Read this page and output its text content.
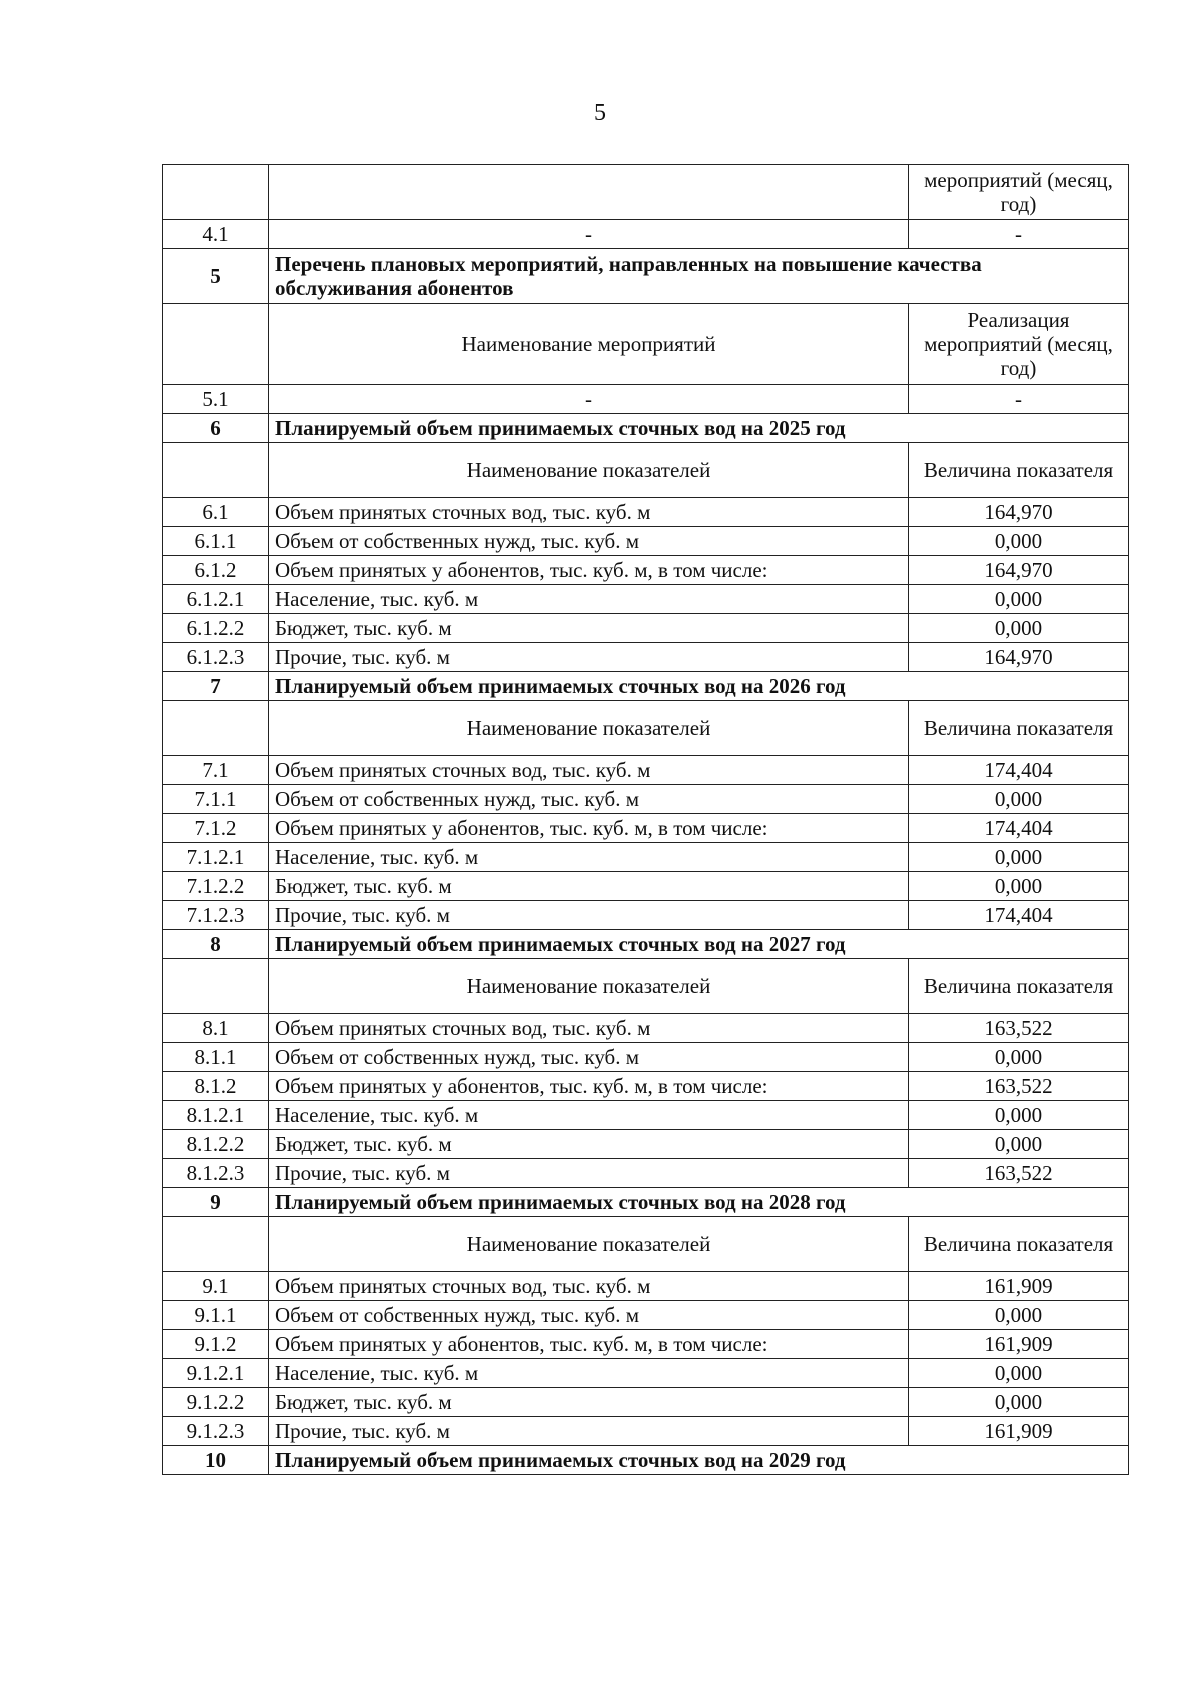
5
		мероприятий (месяц, год)
4.1	-	-
5	Перечень плановых мероприятий, направленных на повышение качества обслуживания абонентов	
	Наименование мероприятий	Реализация мероприятий (месяц, год)
5.1	-	-
6	Планируемый объем принимаемых сточных вод на 2025 год	
	Наименование показателей	Величина показателя
6.1	Объем принятых сточных вод, тыс. куб. м	164,970
6.1.1	Объем от собственных нужд, тыс. куб. м	0,000
6.1.2	Объем принятых у абонентов, тыс. куб. м, в том числе:	164,970
6.1.2.1	Население, тыс. куб. м	0,000
6.1.2.2	Бюджет, тыс. куб. м	0,000
6.1.2.3	Прочие, тыс. куб. м	164,970
7	Планируемый объем принимаемых сточных вод на 2026 год	
	Наименование показателей	Величина показателя
7.1	Объем принятых сточных вод, тыс. куб. м	174,404
7.1.1	Объем от собственных нужд, тыс. куб. м	0,000
7.1.2	Объем принятых у абонентов, тыс. куб. м, в том числе:	174,404
7.1.2.1	Население, тыс. куб. м	0,000
7.1.2.2	Бюджет, тыс. куб. м	0,000
7.1.2.3	Прочие, тыс. куб. м	174,404
8	Планируемый объем принимаемых сточных вод на 2027 год	
	Наименование показателей	Величина показателя
8.1	Объем принятых сточных вод, тыс. куб. м	163,522
8.1.1	Объем от собственных нужд, тыс. куб. м	0,000
8.1.2	Объем принятых у абонентов, тыс. куб. м, в том числе:	163,522
8.1.2.1	Население, тыс. куб. м	0,000
8.1.2.2	Бюджет, тыс. куб. м	0,000
8.1.2.3	Прочие, тыс. куб. м	163,522
9	Планируемый объем принимаемых сточных вод на 2028 год	
	Наименование показателей	Величина показателя
9.1	Объем принятых сточных вод, тыс. куб. м	161,909
9.1.1	Объем от собственных нужд, тыс. куб. м	0,000
9.1.2	Объем принятых у абонентов, тыс. куб. м, в том числе:	161,909
9.1.2.1	Население, тыс. куб. м	0,000
9.1.2.2	Бюджет, тыс. куб. м	0,000
9.1.2.3	Прочие, тыс. куб. м	161,909
10	Планируемый объем принимаемых сточных вод на 2029 год	
